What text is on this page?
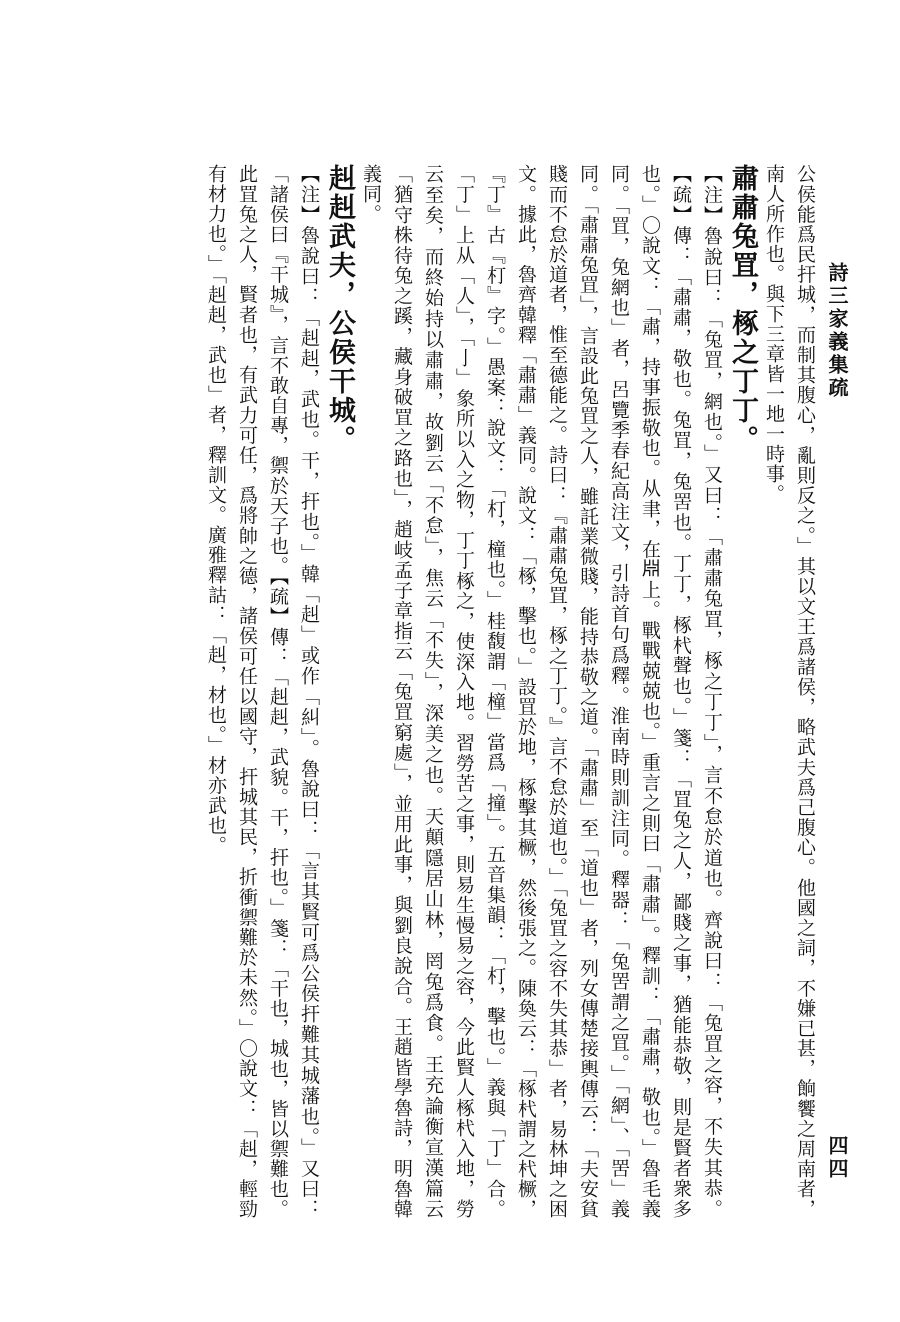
詩三家義集疏
四四

公侯能爲民扞城，而制其腹心，亂則反之。」其以文王爲諸侯，略武夫爲己腹心。他國之詞，不嫌已甚，餉饗之周南者，南人所作也。與下三章皆一地一時事。

肅肅兔罝，椓之丁丁。

【注】魯說曰：「兔罝，網也。」又曰：「肅肅兔罝，椓之丁丁」，言不怠於道也。齊說曰：「兔罝之容，不失其恭。【疏】傳：「肅肅，敬也。兔罝，兔罟也。丁丁，椓杙聲也。」箋：「罝兔之人，鄙賤之事，猶能恭敬，則是賢者衆多也。」〇說文：「肅，持事振敬也。从聿，在𣶒上。戰戰兢兢也。」重言之則曰「肅肅」。釋訓：「肅肅，敬也。」魯毛義同。「罝，兔網也」者，呂覽季春紀高注文，引詩首句爲釋。淮南時則訓注同。釋器：「兔罟謂之罝。」「網」、「罟」義同。「肅肅兔罝」，言設此兔罝之人，雖託業微賤，能持恭敬之道。「肅肅」至「道也」者，列女傳楚接輿傳云：「夫安貧賤而不怠於道者，惟至德能之。詩曰：『肅肅兔罝，椓之丁丁。』言不怠於道也。」「兔罝之容不失其恭」者，易林坤之困文。據此，魯齊韓釋「肅肅」義同。說文：「椓，擊也。」設罝於地，椓擊其橛，然後張之。陳奐云：「椓杙謂之杙橛，『丁』古『朾』字。」愚案：說文：「朾，橦也。」桂馥謂「橦」當爲「撞」。五音集韻：「朾，擊也。」義與「丁」合。「丁」上从「人」，「亅」象所以入之物，丁丁椓之，使深入地。習勞苦之事，則易生慢易之容，今此賢人椓杙入地，勞云至矣，而終始持以肅肅，故劉云「不怠」，焦云「不失」，深美之也。天顛隱居山林，罔兔爲食。王充論衡宣漢篇云「猶守株待兔之蹊，藏身破罝之路也」，趙岐孟子章指云「兔罝窮處」，並用此事，與劉良說合。王趙皆學魯詩，明魯韓義同。

赳赳武夫，公侯干城。

【注】魯說曰：「赳赳，武也。干，扞也。」韓「赳」或作「糾」。魯說曰：「言其賢可爲公侯扞難其城藩也。」又曰：「諸侯曰『干城』，言不敢自專，禦於天子也。【疏】傳：「赳赳，武貌。干，扞也。」箋：「干也，城也，皆以禦難也。此罝兔之人，賢者也，有武力可任，爲將帥之德，諸侯可任以國守，扞城其民，折衝禦難於未然。」〇說文：「赳，輕勁有材力也。」「赳赳，武也」者，釋訓文。廣雅釋詁：「赳，材也。」材亦武也。
